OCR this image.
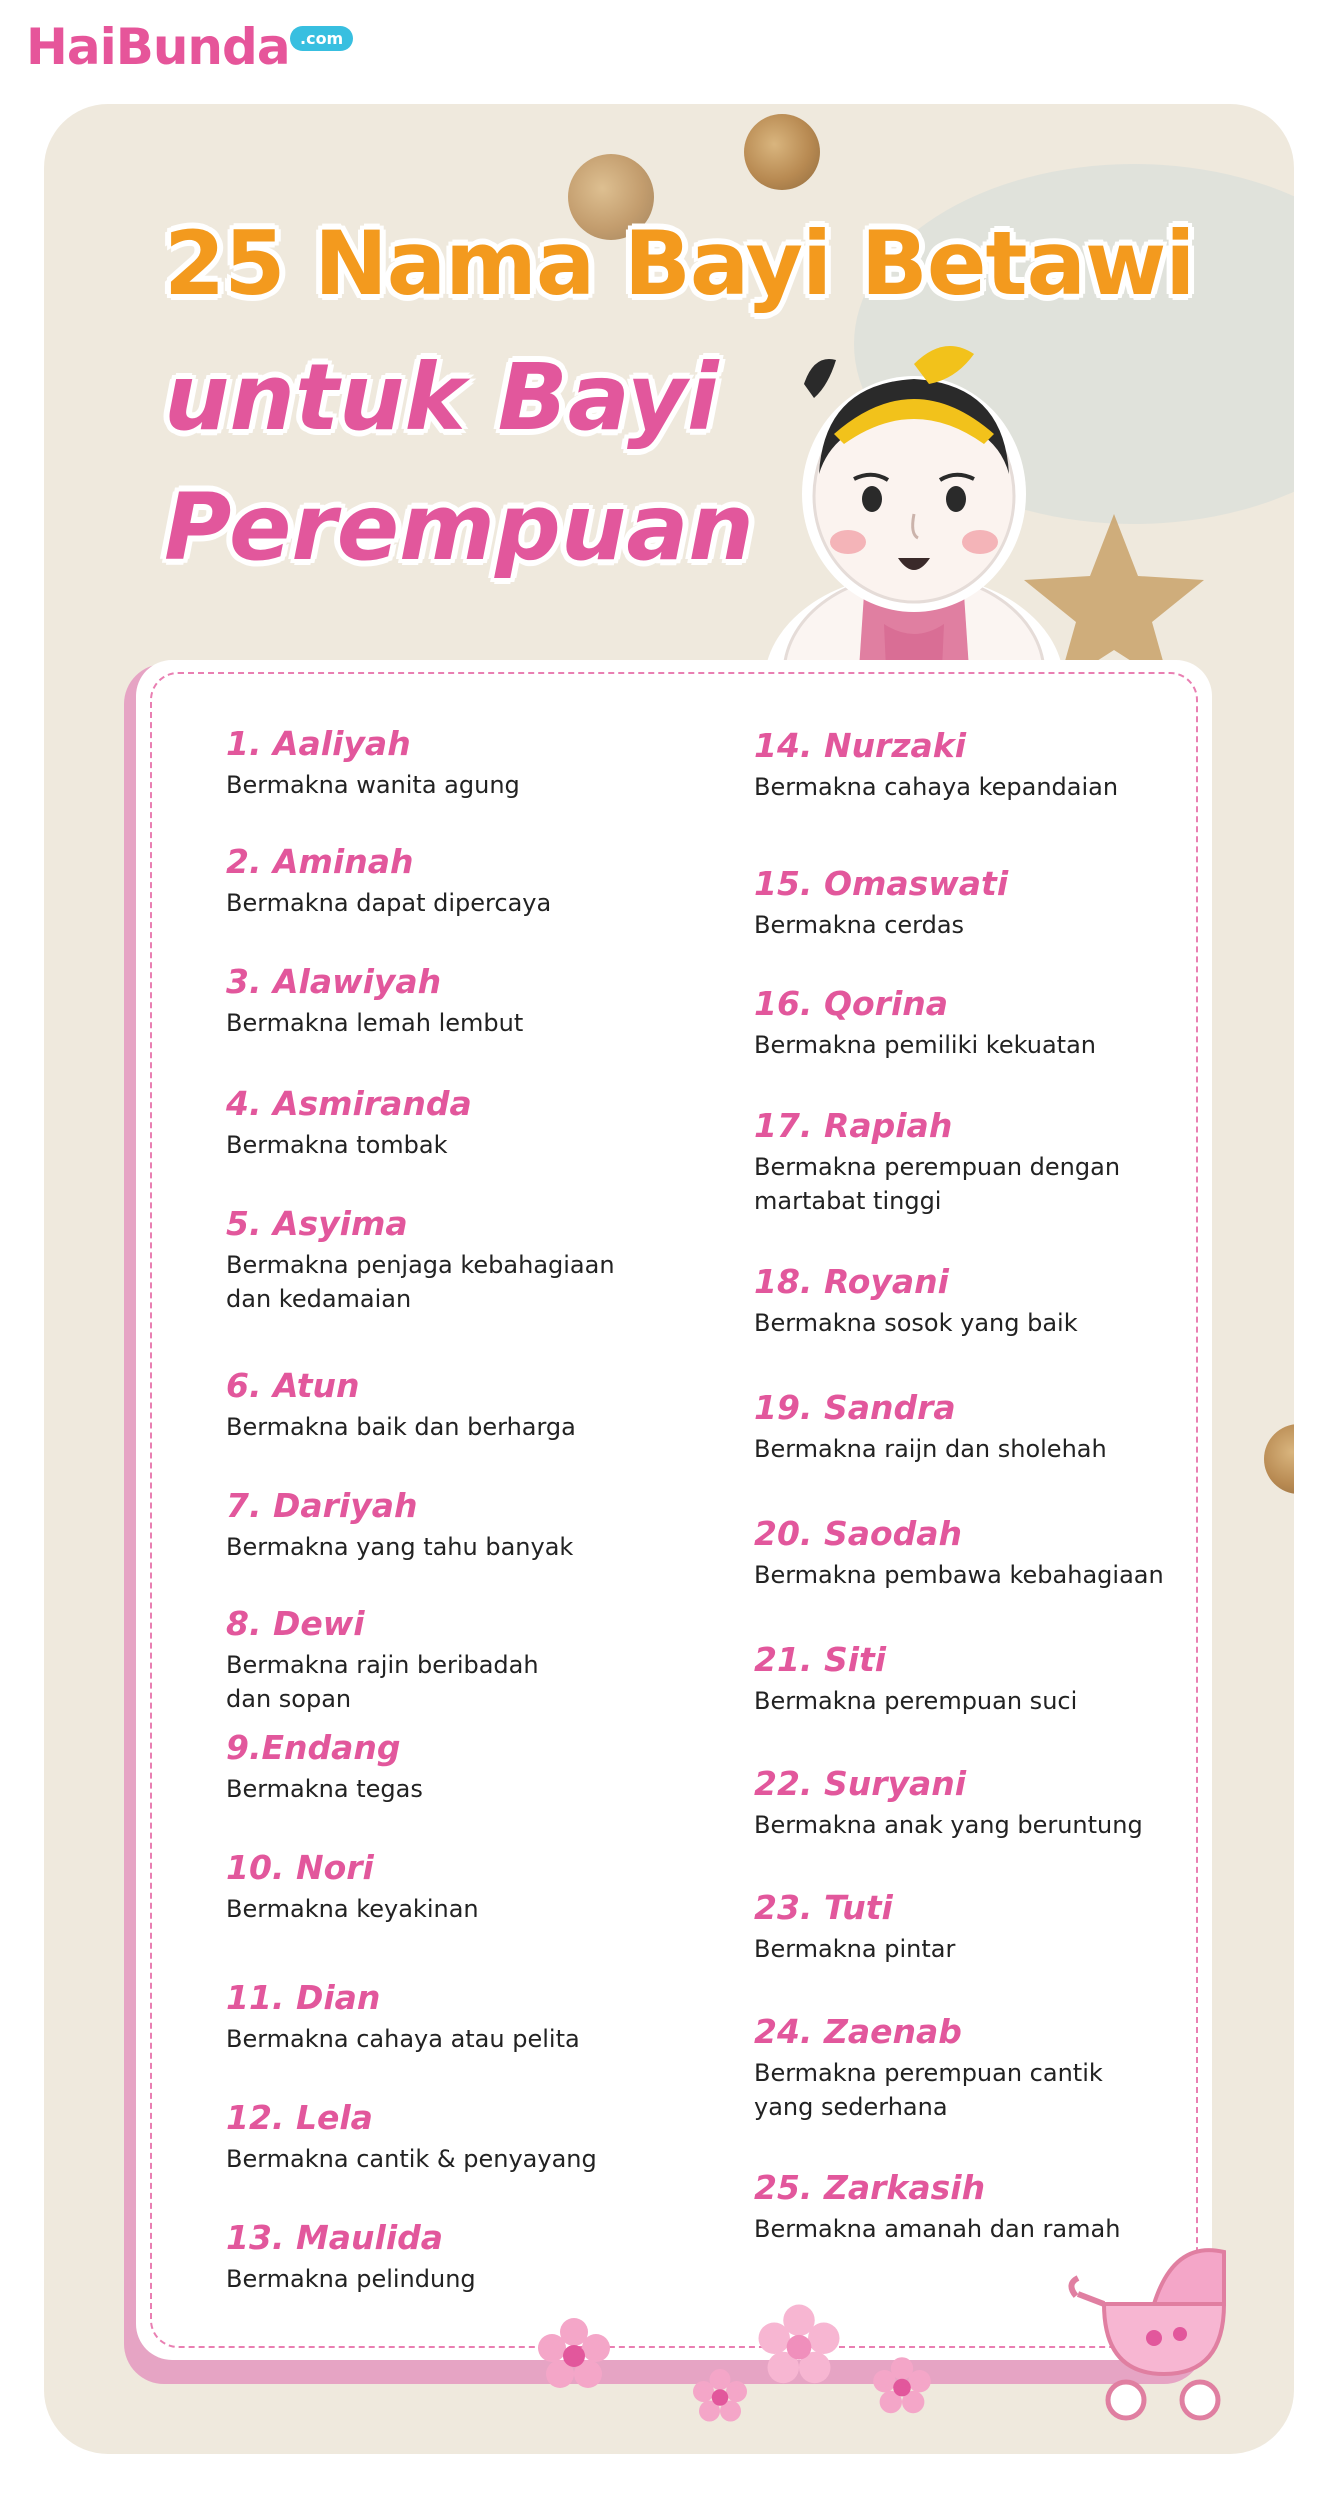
HaiBunda .com
25 Nama Bayi Betawi
untuk Bayi
Perempuan
1. Aaliyah
Bermakna wanita agung
2. Aminah
Bermakna dapat dipercaya
3. Alawiyah
Bermakna lemah lembut
4. Asmiranda
Bermakna tombak
5. Asyima
Bermakna penjaga kebahagiaan dan kedamaian
6. Atun
Bermakna baik dan berharga
7. Dariyah
Bermakna yang tahu banyak
8. Dewi
Bermakna rajin beribadah dan sopan
9.Endang
Bermakna tegas
10. Nori
Bermakna keyakinan
11. Dian
Bermakna cahaya atau pelita
12. Lela
Bermakna cantik & penyayang
13. Maulida
Bermakna pelindung
14. Nurzaki
Bermakna cahaya kepandaian
15. Omaswati
Bermakna cerdas
16. Qorina
Bermakna pemiliki kekuatan
17. Rapiah
Bermakna perempuan dengan martabat tinggi
18. Royani
Bermakna sosok yang baik
19. Sandra
Bermakna raijn dan sholehah
20. Saodah
Bermakna pembawa kebahagiaan
21. Siti
Bermakna perempuan suci
22. Suryani
Bermakna anak yang beruntung
23. Tuti
Bermakna pintar
24. Zaenab
Bermakna perempuan cantik yang sederhana
25. Zarkasih
Bermakna amanah dan ramah
